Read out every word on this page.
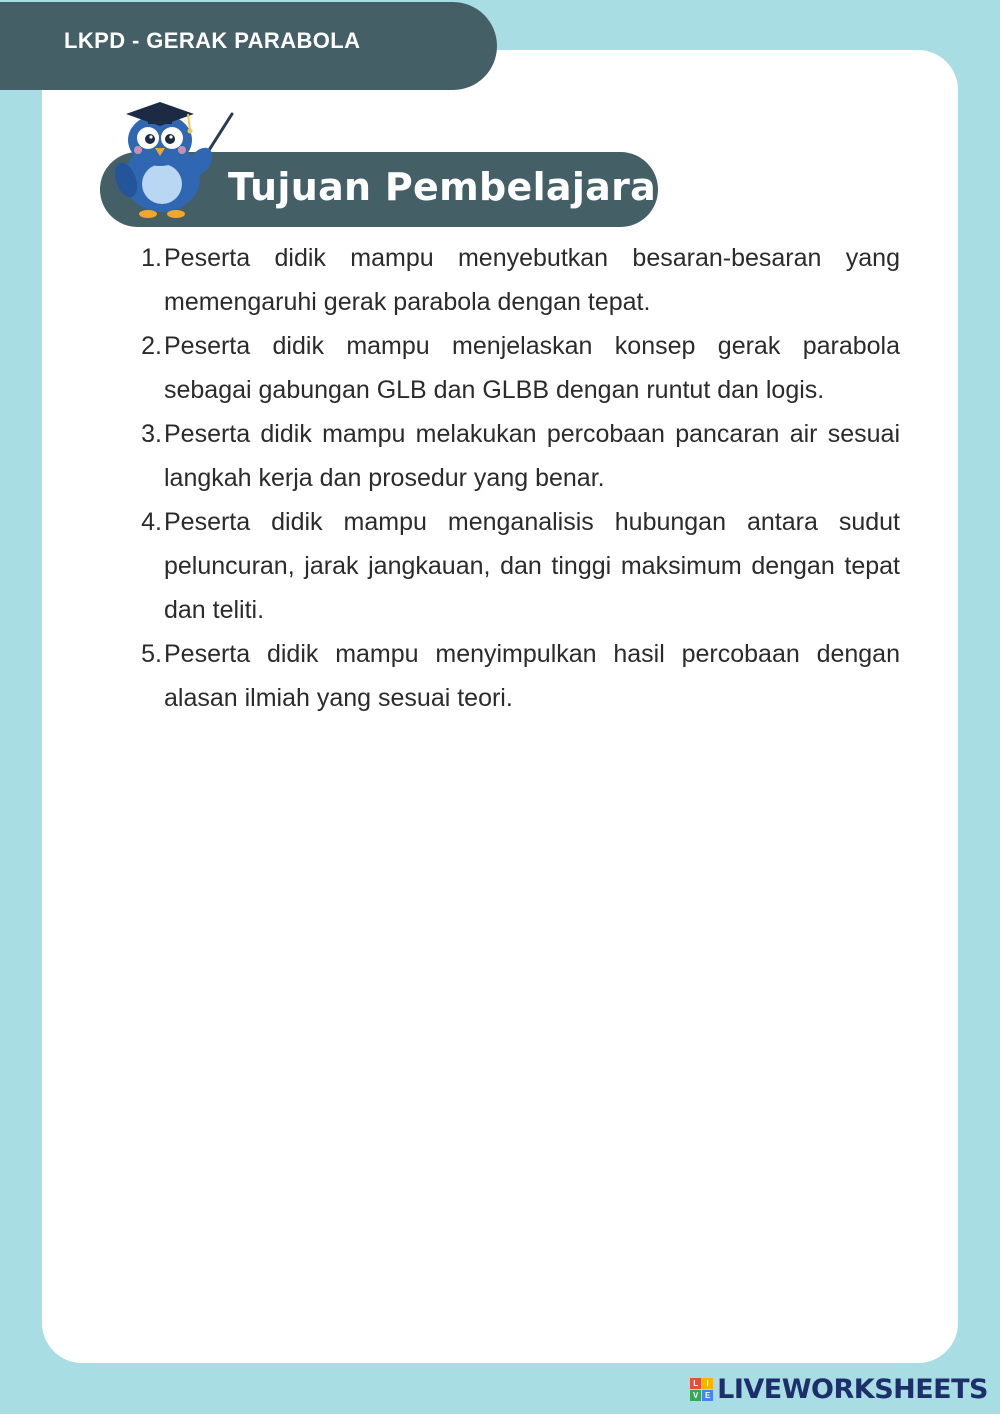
LKPD - GERAK PARABOLA
Tujuan Pembelajaran
1. Peserta didik mampu menyebutkan besaran-besaran yang memengaruhi gerak parabola dengan tepat.
2. Peserta didik mampu menjelaskan konsep gerak parabola sebagai gabungan GLB dan GLBB dengan runtut dan logis.
3. Peserta didik mampu melakukan percobaan pancaran air sesuai langkah kerja dan prosedur yang benar.
4. Peserta didik mampu menganalisis hubungan antara sudut peluncuran, jarak jangkauan, dan tinggi maksimum dengan tepat dan teliti.
5. Peserta didik mampu menyimpulkan hasil percobaan dengan alasan ilmiah yang sesuai teori.
L	I
V E LIVEWORKSHEETS
